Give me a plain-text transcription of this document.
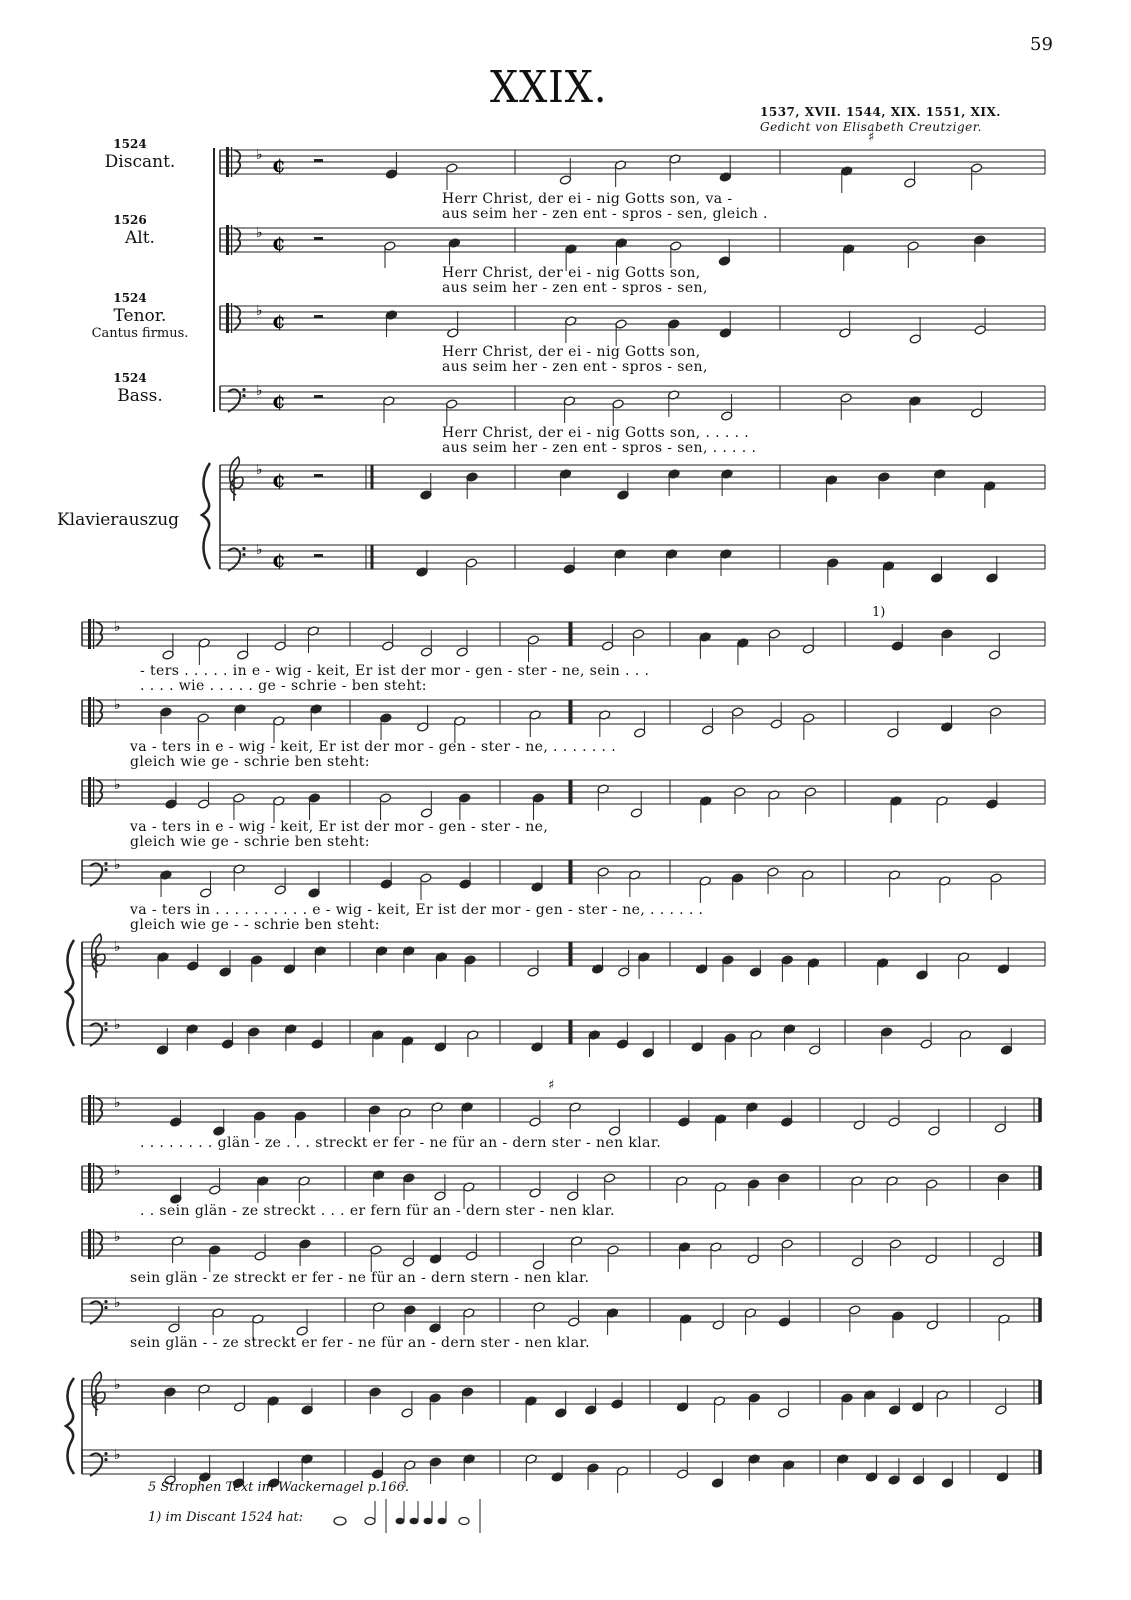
♭
₵
♭
₵
♭
₵
♭
₵
♭
₵
♭
₵
♭
♭
♭
♭
♭
♭
♭
♭
♭
♭
♭
♭
59
XXIX.	1537, XVII. 1544, XIX. 1551, XIX.
Gedicht von Elisabeth Creutziger.
1524
Discant.
1526
Alt.
1524
Tenor.
Cantus firmus.
1524
Bass.
Klavierauszug
♯
1)
♯
Herr Christ, der ei - nig Gotts son, va -
aus seim her - zen ent - spros - sen, gleich .
Herr Christ, der ei - nig Gotts son,
aus seim her - zen ent - spros - sen,
Herr Christ, der ei - nig Gotts son,
aus seim her - zen ent - spros - sen,
Herr Christ, der ei - nig Gotts son, . . . . .
aus seim her - zen ent - spros - sen, . . . . .
- ters . . . . . in e - wig - keit, Er ist der mor - gen - ster - ne, sein . . .
. . . . wie . . . . . ge - schrie - ben steht:
va - ters in e - wig - keit, Er ist der mor - gen - ster - ne, . . . . . . .
gleich wie ge - schrie ben steht:
va - ters in e - wig - keit, Er ist der mor - gen - ster - ne,
gleich wie ge - schrie ben steht:
va - ters in . . . . . . . . . . e - wig - keit, Er ist der mor - gen - ster - ne, . . . . . .
gleich wie ge - - schrie ben steht:
. . . . . . . . glän - ze . . . streckt er fer - ne für an - dern ster - nen klar.
. . sein glän - ze streckt . . . er fern für an - dern ster - nen klar.
sein glän - ze streckt er fer - ne für an - dern stern - nen klar.
sein glän - - ze streckt er fer - ne für an - dern ster - nen klar.
5 Strophen Text im Wackernagel p.166.
1) im Discant 1524 hat:
